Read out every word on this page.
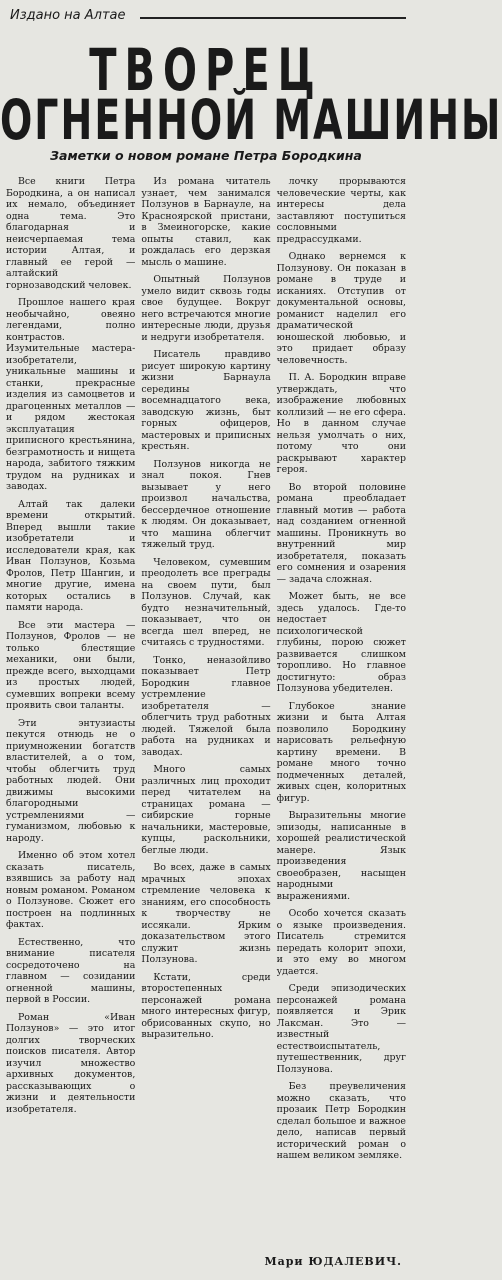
Издано на Алтае
ТВОРЕЦ
ОГНЕННОЙ МАШИНЫ
Заметки о новом романе Петра Бородкина

Все книги Петра Бородкина, а он написал их немало, объединяет одна тема. Это благодарная и неисчерпаемая тема истории Алтая, и главный ее герой — алтайский горнозаводский человек.

Прошлое нашего края необычайно, овеяно легендами, полно контрастов. Изумительные мастера-изобретатели, уникальные машины и станки, прекрасные изделия из самоцветов и драгоценных металлов — и рядом жестокая эксплуатация приписного крестьянина, безграмотность и нищета народа, забитого тяжким трудом на рудниках и заводах.

Алтай так далеки времени открытий. Вперед вышли такие изобретатели и исследователи края, как Иван Ползунов, Козьма Фролов, Петр Шангин, и многие другие, имена которых остались в памяти народа.

Все эти мастера — Ползунов, Фролов — не только блестящие механики, они были, прежде всего, выходцами из простых людей, сумевших вопреки всему проявить свои таланты.

Эти энтузиасты пекутся отнюдь не о приумножении богатств властителей, а о том, чтобы облегчить труд работных людей. Они движимы высокими благородными устремлениями — гуманизмом, любовью к народу.

Именно об этом хотел сказать писатель, взявшись за работу над новым романом. Романом о Ползунове. Сюжет его построен на подлинных фактах.

Естественно, что внимание писателя сосредоточено на главном — созидании огненной машины, первой в России.

Роман «Иван Ползунов» — это итог долгих творческих поисков писателя. Автор изучил множество архивных документов, рассказывающих о жизни и деятельности изобретателя.

Из романа читатель узнает, чем занимался Ползунов в Барнауле, на Красноярской пристани, в Змеиногорске, какие опыты ставил, как рождалась его дерзкая мысль о машине.

Опытный Ползунов умело видит сквозь годы свое будущее. Вокруг него встречаются многие интересные люди, друзья и недруги изобретателя.

Писатель правдиво рисует широкую картину жизни Барнаула середины восемнадцатого века, заводскую жизнь, быт горных офицеров, мастеровых и приписных крестьян.

Ползунов никогда не знал покоя. Гнев вызывает у него произвол начальства, бессердечное отношение к людям. Он доказывает, что машина облегчит тяжелый труд.

Человеком, сумевшим преодолеть все преграды на своем пути, был Ползунов. Случай, как будто незначительный, показывает, что он всегда шел вперед, не считаясь с трудностями.

Тонко, неназойливо показывает Петр Бородкин главное устремление изобретателя — облегчить труд работных людей. Тяжелой была работа на рудниках и заводах.

Много самых различных лиц проходит перед читателем на страницах романа — сибирские горные начальники, мастеровые, купцы, раскольники, беглые люди.

Во всех, даже в самых мрачных эпохах стремление человека к знаниям, его способность к творчеству не иссякали. Ярким доказательством этого служит жизнь Ползунова.

Кстати, среди второстепенных персонажей романа много интересных фигур, обрисованных скупо, но выразительно.

лочку прорываются человеческие черты, как интересы дела заставляют поступиться сословными предрассудками.

Однако вернемся к Ползунову. Он показан в романе в труде и исканиях. Отступив от документальной основы, романист наделил его драматической юношеской любовью, и это придает образу человечность.

П. А. Бородкин вправе утверждать, что изображение любовных коллизий — не его сфера. Но в данном случае нельзя умолчать о них, потому что они раскрывают характер героя.

Во второй половине романа преобладает главный мотив — работа над созданием огненной машины. Проникнуть во внутренний мир изобретателя, показать его сомнения и озарения — задача сложная.

Может быть, не все здесь удалось. Где-то недостает психологической глубины, порою сюжет развивается слишком торопливо. Но главное достигнуто: образ Ползунова убедителен.

Глубокое знание жизни и быта Алтая позволило Бородкину нарисовать рельефную картину времени. В романе много точно подмеченных деталей, живых сцен, колоритных фигур.

Выразительны многие эпизоды, написанные в хорошей реалистической манере. Язык произведения своеобразен, насыщен народными выражениями.

Особо хочется сказать о языке произведения. Писатель стремится передать колорит эпохи, и это ему во многом удается.

Среди эпизодических персонажей романа появляется и Эрик Лаксман. Это — известный естествоиспытатель, путешественник, друг Ползунова.

Без преувеличения можно сказать, что прозаик Петр Бородкин сделал большое и важное дело, написав первый исторический роман о нашем великом земляке.

Мари ЮДАЛЕВИЧ.
